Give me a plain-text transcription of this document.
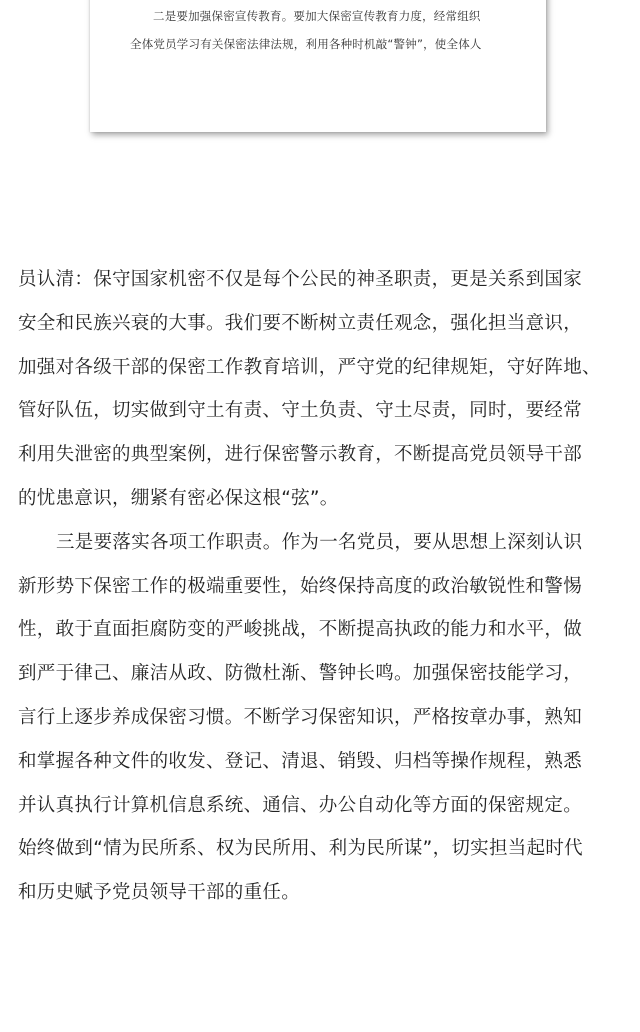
二是要加强保密宣传教育。要加大保密宣传教育力度，经常组织
全体党员学习有关保密法律法规，利用各种时机敲“警钟”，使全体人
员认清：保守国家机密不仅是每个公民的神圣职责，更是关系到国家
安全和民族兴衰的大事。我们要不断树立责任观念，强化担当意识，
加强对各级干部的保密工作教育培训，严守党的纪律规矩，守好阵地、
管好队伍，切实做到守土有责、守土负责、守土尽责，同时，要经常
利用失泄密的典型案例，进行保密警示教育，不断提高党员领导干部
的忧患意识，绷紧有密必保这根“弦”。
三是要落实各项工作职责。作为一名党员，要从思想上深刻认识
新形势下保密工作的极端重要性，始终保持高度的政治敏锐性和警惕
性，敢于直面拒腐防变的严峻挑战，不断提高执政的能力和水平，做
到严于律己、廉洁从政、防微杜渐、警钟长鸣。加强保密技能学习，
言行上逐步养成保密习惯。不断学习保密知识，严格按章办事，熟知
和掌握各种文件的收发、登记、清退、销毁、归档等操作规程，熟悉
并认真执行计算机信息系统、通信、办公自动化等方面的保密规定。
始终做到“情为民所系、权为民所用、利为民所谋”，切实担当起时代
和历史赋予党员领导干部的重任。
